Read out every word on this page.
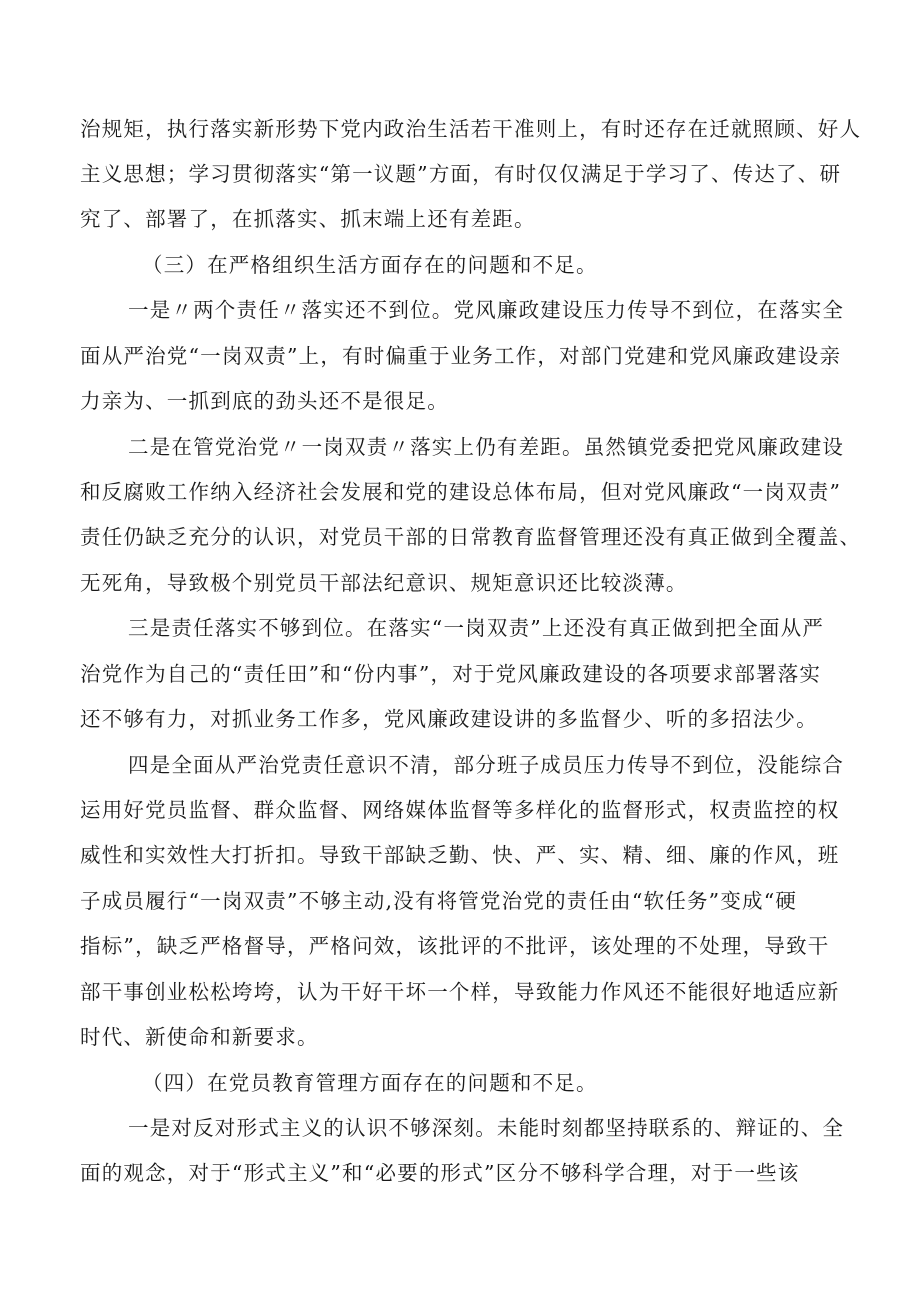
治规矩，执行落实新形势下党内政治生活若干准则上，有时还存在迁就照顾、好人
主义思想；学习贯彻落实“第一议题”方面，有时仅仅满足于学习了、传达了、研
究了、部署了，在抓落实、抓末端上还有差距。
（三）在严格组织生活方面存在的问题和不足。
一是〃两个责任〃落实还不到位。党风廉政建设压力传导不到位，在落实全
面从严治党“一岗双责”上，有时偏重于业务工作，对部门党建和党风廉政建设亲
力亲为、一抓到底的劲头还不是很足。
二是在管党治党〃一岗双责〃落实上仍有差距。虽然镇党委把党风廉政建设
和反腐败工作纳入经济社会发展和党的建设总体布局，但对党风廉政“一岗双责”
责任仍缺乏充分的认识，对党员干部的日常教育监督管理还没有真正做到全覆盖、
无死角，导致极个别党员干部法纪意识、规矩意识还比较淡薄。
三是责任落实不够到位。在落实“一岗双责”上还没有真正做到把全面从严
治党作为自己的“责任田”和“份内事”，对于党风廉政建设的各项要求部署落实
还不够有力，对抓业务工作多，党风廉政建设讲的多监督少、听的多招法少。
四是全面从严治党责任意识不清，部分班子成员压力传导不到位，没能综合
运用好党员监督、群众监督、网络媒体监督等多样化的监督形式，权责监控的权
威性和实效性大打折扣。导致干部缺乏勤、快、严、实、精、细、廉的作风，班
子成员履行“一岗双责”不够主动,没有将管党治党的责任由“软任务”变成“硬
指标”，缺乏严格督导，严格问效，该批评的不批评，该处理的不处理，导致干
部干事创业松松垮垮，认为干好干坏一个样，导致能力作风还不能很好地适应新
时代、新使命和新要求。
（四）在党员教育管理方面存在的问题和不足。
一是对反对形式主义的认识不够深刻。未能时刻都坚持联系的、辩证的、全
面的观念，对于“形式主义”和“必要的形式”区分不够科学合理，对于一些该
